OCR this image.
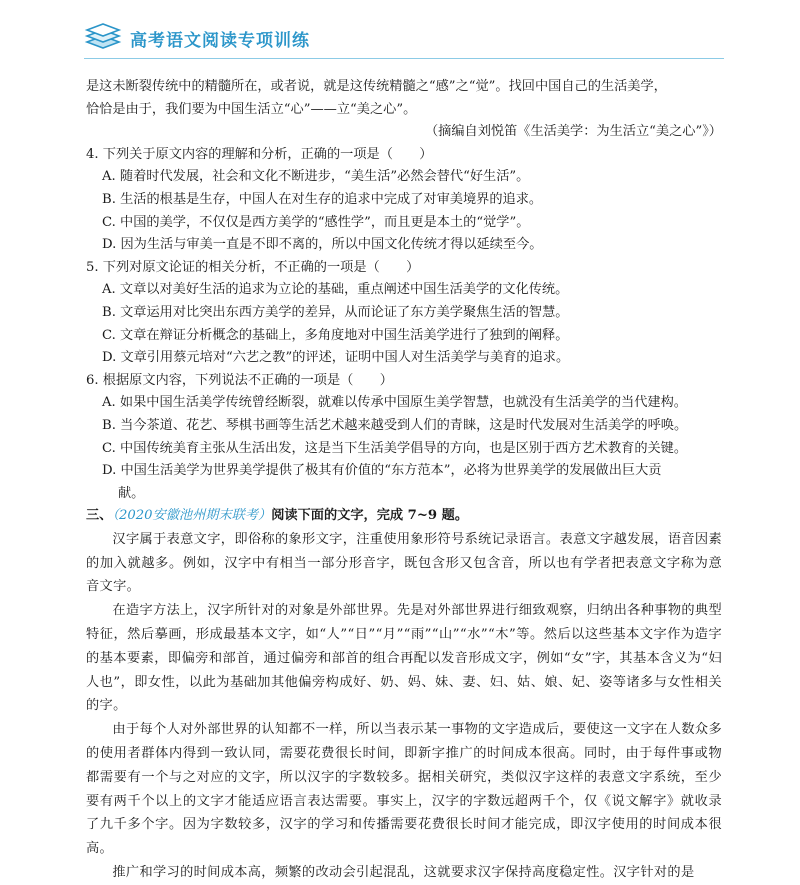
高考语文阅读专项训练

是这未断裂传统中的精髓所在，或者说，就是这传统精髓之“感”之“觉”。找回中国自己的生活美学，

恰恰是由于，我们要为中国生活立“心”——立“美之心”。

（摘编自刘悦笛《生活美学：为生活立“美之心”》）

4. 下列关于原文内容的理解和分析，正确的一项是（　　）

A. 随着时代发展，社会和文化不断进步，“美生活”必然会替代“好生活”。

B. 生活的根基是生存，中国人在对生存的追求中完成了对审美境界的追求。

C. 中国的美学，不仅仅是西方美学的“感性学”，而且更是本土的“觉学”。

D. 因为生活与审美一直是不即不离的，所以中国文化传统才得以延续至今。

5. 下列对原文论证的相关分析，不正确的一项是（　　）

A. 文章以对美好生活的追求为立论的基础，重点阐述中国生活美学的文化传统。

B. 文章运用对比突出东西方美学的差异，从而论证了东方美学聚焦生活的智慧。

C. 文章在辩证分析概念的基础上，多角度地对中国生活美学进行了独到的阐释。

D. 文章引用蔡元培对“六艺之教”的评述，证明中国人对生活美学与美育的追求。

6. 根据原文内容，下列说法不正确的一项是（　　）

A. 如果中国生活美学传统曾经断裂，就难以传承中国原生美学智慧，也就没有生活美学的当代建构。

B. 当今茶道、花艺、琴棋书画等生活艺术越来越受到人们的青睐，这是时代发展对生活美学的呼唤。

C. 中国传统美育主张从生活出发，这是当下生活美学倡导的方向，也是区别于西方艺术教育的关键。

D. 中国生活美学为世界美学提供了极其有价值的“东方范本”，必将为世界美学的发展做出巨大贡

献。

三、（2020安徽池州期末联考）阅读下面的文字，完成 7~9 题。

汉字属于表意文字，即俗称的象形文字，注重使用象形符号系统记录语言。表意文字越发展，语音因素的加入就越多。例如，汉字中有相当一部分形音字，既包含形又包含音，所以也有学者把表意文字称为意音文字。

在造字方法上，汉字所针对的对象是外部世界。先是对外部世界进行细致观察，归纳出各种事物的典型特征，然后摹画，形成最基本文字，如“人”“日”“月”“雨”“山”“水”“木”等。然后以这些基本文字作为造字的基本要素，即偏旁和部首，通过偏旁和部首的组合再配以发音形成文字，例如“女”字，其基本含义为“妇人也”，即女性，以此为基础加其他偏旁构成好、奶、妈、妹、妻、妇、姑、娘、妃、姿等诸多与女性相关的字。

由于每个人对外部世界的认知都不一样，所以当表示某一事物的文字造成后，要使这一文字在人数众多的使用者群体内得到一致认同，需要花费很长时间，即新字推广的时间成本很高。同时，由于每件事或物都需要有一个与之对应的文字，所以汉字的字数较多。据相关研究，类似汉字这样的表意文字系统，至少要有两千个以上的文字才能适应语言表达需要。事实上，汉字的字数远超两千个，仅《说文解字》就收录了九千多个字。因为字数较多，汉字的学习和传播需要花费很长时间才能完成，即汉字使用的时间成本很高。

推广和学习的时间成本高，频繁的改动会引起混乱，这就要求汉字保持高度稳定性。汉字针对的是
